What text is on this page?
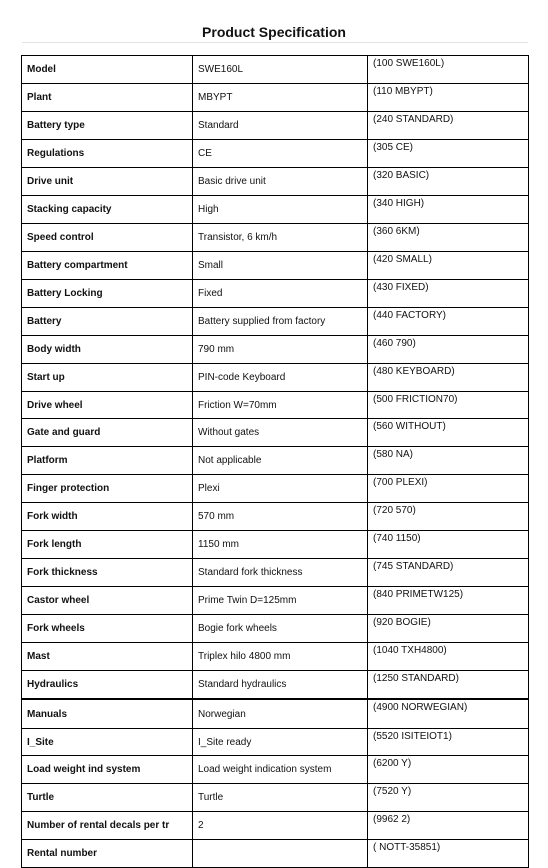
Product Specification
Model	SWE160L	(100 SWE160L)
Plant	MBYPT	(110 MBYPT)
Battery type	Standard	(240 STANDARD)
Regulations	CE	(305 CE)
Drive unit	Basic drive unit	(320 BASIC)
Stacking capacity	High	(340 HIGH)
Speed control	Transistor, 6 km/h	(360 6KM)
Battery compartment	Small	(420 SMALL)
Battery Locking	Fixed	(430 FIXED)
Battery	Battery supplied from factory	(440 FACTORY)
Body width	790 mm	(460 790)
Start up	PIN-code Keyboard	(480 KEYBOARD)
Drive wheel	Friction W=70mm	(500 FRICTION70)
Gate and guard	Without gates	(560 WITHOUT)
Platform	Not applicable	(580 NA)
Finger protection	Plexi	(700 PLEXI)
Fork width	570 mm	(720 570)
Fork length	1150 mm	(740 1150)
Fork thickness	Standard fork thickness	(745 STANDARD)
Castor wheel	Prime Twin D=125mm	(840 PRIMETW125)
Fork wheels	Bogie fork wheels	(920 BOGIE)
Mast	Triplex hilo 4800 mm	(1040 TXH4800)
Hydraulics	Standard hydraulics	(1250 STANDARD)
Manuals	Norwegian	(4900 NORWEGIAN)
I_Site	I_Site ready	(5520 ISITEIOT1)
Load weight ind system	Load weight indication system	(6200 Y)
Turtle	Turtle	(7520 Y)
Number of rental decals per tr	2	(9962 2)
Rental number		( NOTT-35851)
